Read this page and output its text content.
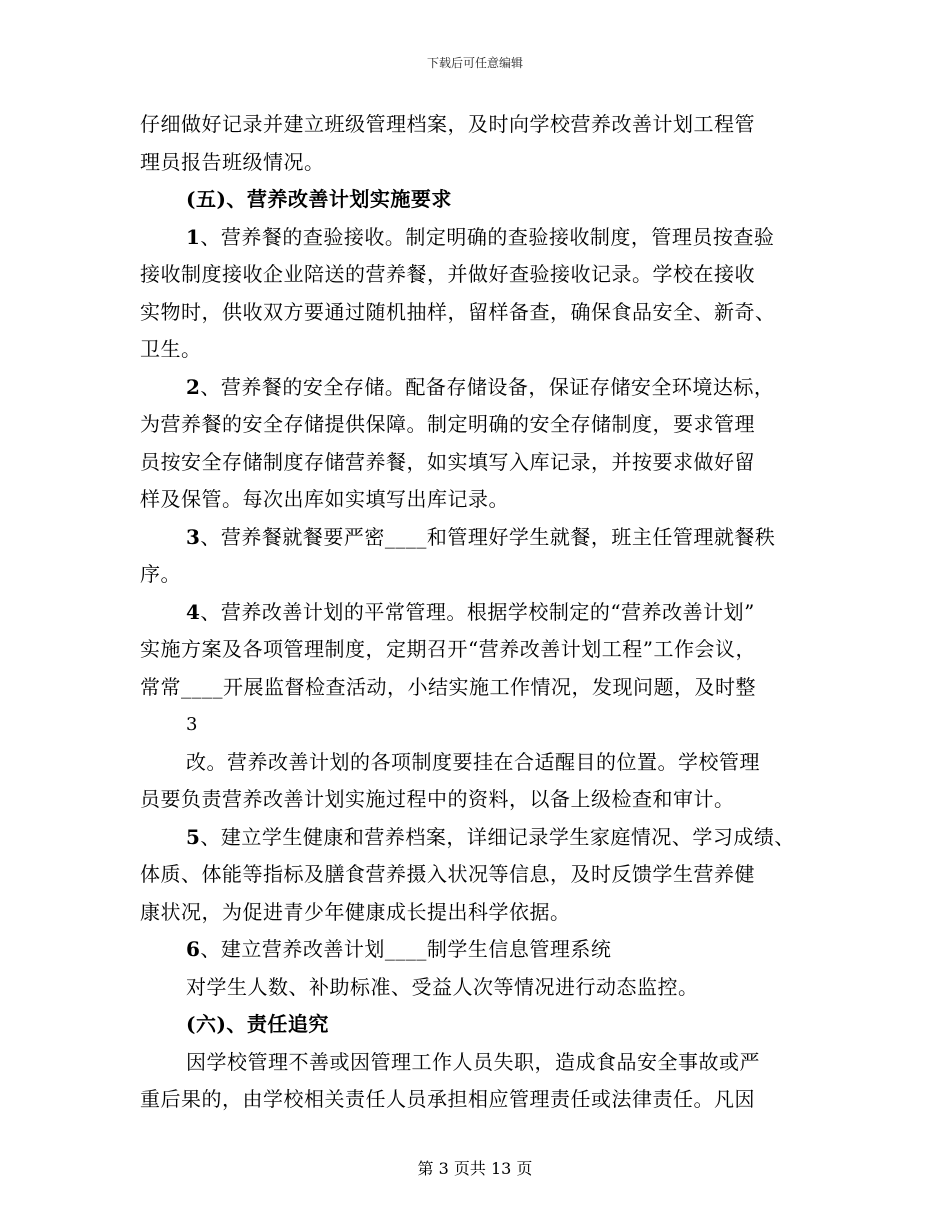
下载后可任意编辑
仔细做好记录并建立班级管理档案，及时向学校营养改善计划工程管
理员报告班级情况。
(五)、营养改善计划实施要求
1、营养餐的查验接收。制定明确的查验接收制度，管理员按查验
接收制度接收企业陪送的营养餐，并做好查验接收记录。学校在接收
实物时，供收双方要通过随机抽样，留样备查，确保食品安全、新奇、
卫生。
2、营养餐的安全存储。配备存储设备，保证存储安全环境达标，
为营养餐的安全存储提供保障。制定明确的安全存储制度，要求管理
员按安全存储制度存储营养餐，如实填写入库记录，并按要求做好留
样及保管。每次出库如实填写出库记录。
3、营养餐就餐要严密____和管理好学生就餐，班主任管理就餐秩
序。
4、营养改善计划的平常管理。根据学校制定的“营养改善计划”
实施方案及各项管理制度，定期召开“营养改善计划工程”工作会议，
常常____开展监督检查活动，小结实施工作情况，发现问题，及时整
3
改。营养改善计划的各项制度要挂在合适醒目的位置。学校管理
员要负责营养改善计划实施过程中的资料，以备上级检查和审计。
5、建立学生健康和营养档案，详细记录学生家庭情况、学习成绩、
体质、体能等指标及膳食营养摄入状况等信息，及时反馈学生营养健
康状况，为促进青少年健康成长提出科学依据。
6、建立营养改善计划____制学生信息管理系统
对学生人数、补助标准、受益人次等情况进行动态监控。
(六)、责任追究
因学校管理不善或因管理工作人员失职，造成食品安全事故或严
重后果的，由学校相关责任人员承担相应管理责任或法律责任。凡因
第 3 页共 13 页
